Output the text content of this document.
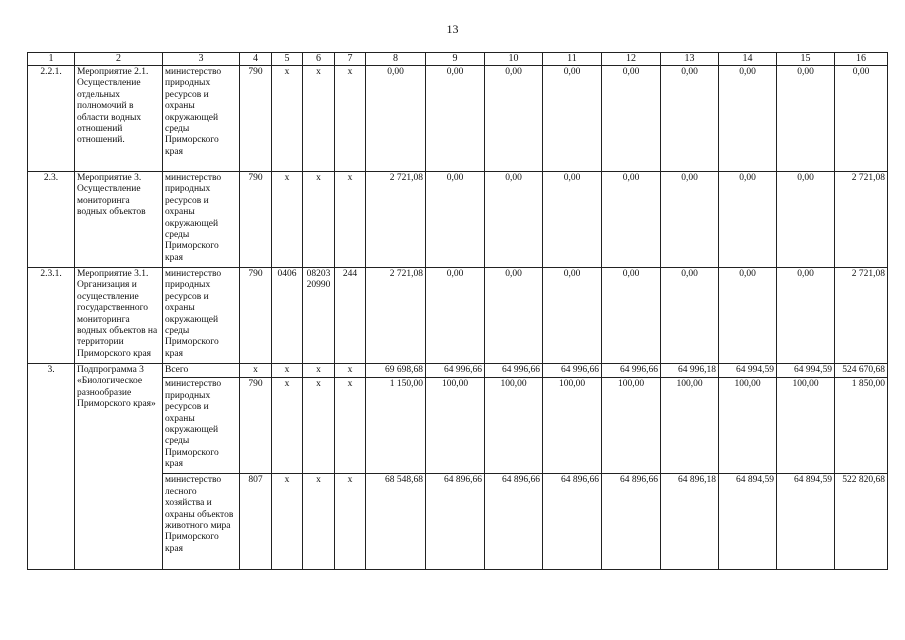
13
1	2	3	4	5	6	7	8	9	10	11	12	13	14	15	16
2.2.1.	Мероприятие 2.1. Осуществление отдельных полномочий в области водных отношений отношений.	министерство природных ресурсов и охраны окружающей среды Приморского края	790	х	х	х	0,00	0,00	0,00	0,00	0,00	0,00	0,00	0,00	0,00
2.3.	Мероприятие 3. Осуществление мониторинга водных объектов	министерство природных ресурсов и охраны окружающей среды Приморского края	790	х	х	х	2 721,08	0,00	0,00	0,00	0,00	0,00	0,00	0,00	2 721,08
2.3.1.	Мероприятие 3.1. Организация и осуществление государственного мониторинга водных объектов на территории Приморского края	министерство природных ресурсов и охраны окружающей среды Приморского края	790	0406	08203 20990	244	2 721,08	0,00	0,00	0,00	0,00	0,00	0,00	0,00	2 721,08
3.	Подпрограмма 3 «Биологическое разнообразие Приморского края»	Всего	х	х	х	х	69 698,68	64 996,66	64 996,66	64 996,66	64 996,66	64 996,18	64 994,59	64 994,59	524 670,68
		министерство природных ресурсов и охраны окружающей среды Приморского края	790	х	х	х	1 150,00	100,00	100,00	100,00	100,00	100,00	100,00	100,00	1 850,00
		министерство лесного хозяйства и охраны объектов животного мира Приморского края	807	х	х	х	68 548,68	64 896,66	64 896,66	64 896,66	64 896,66	64 896,18	64 894,59	64 894,59	522 820,68
